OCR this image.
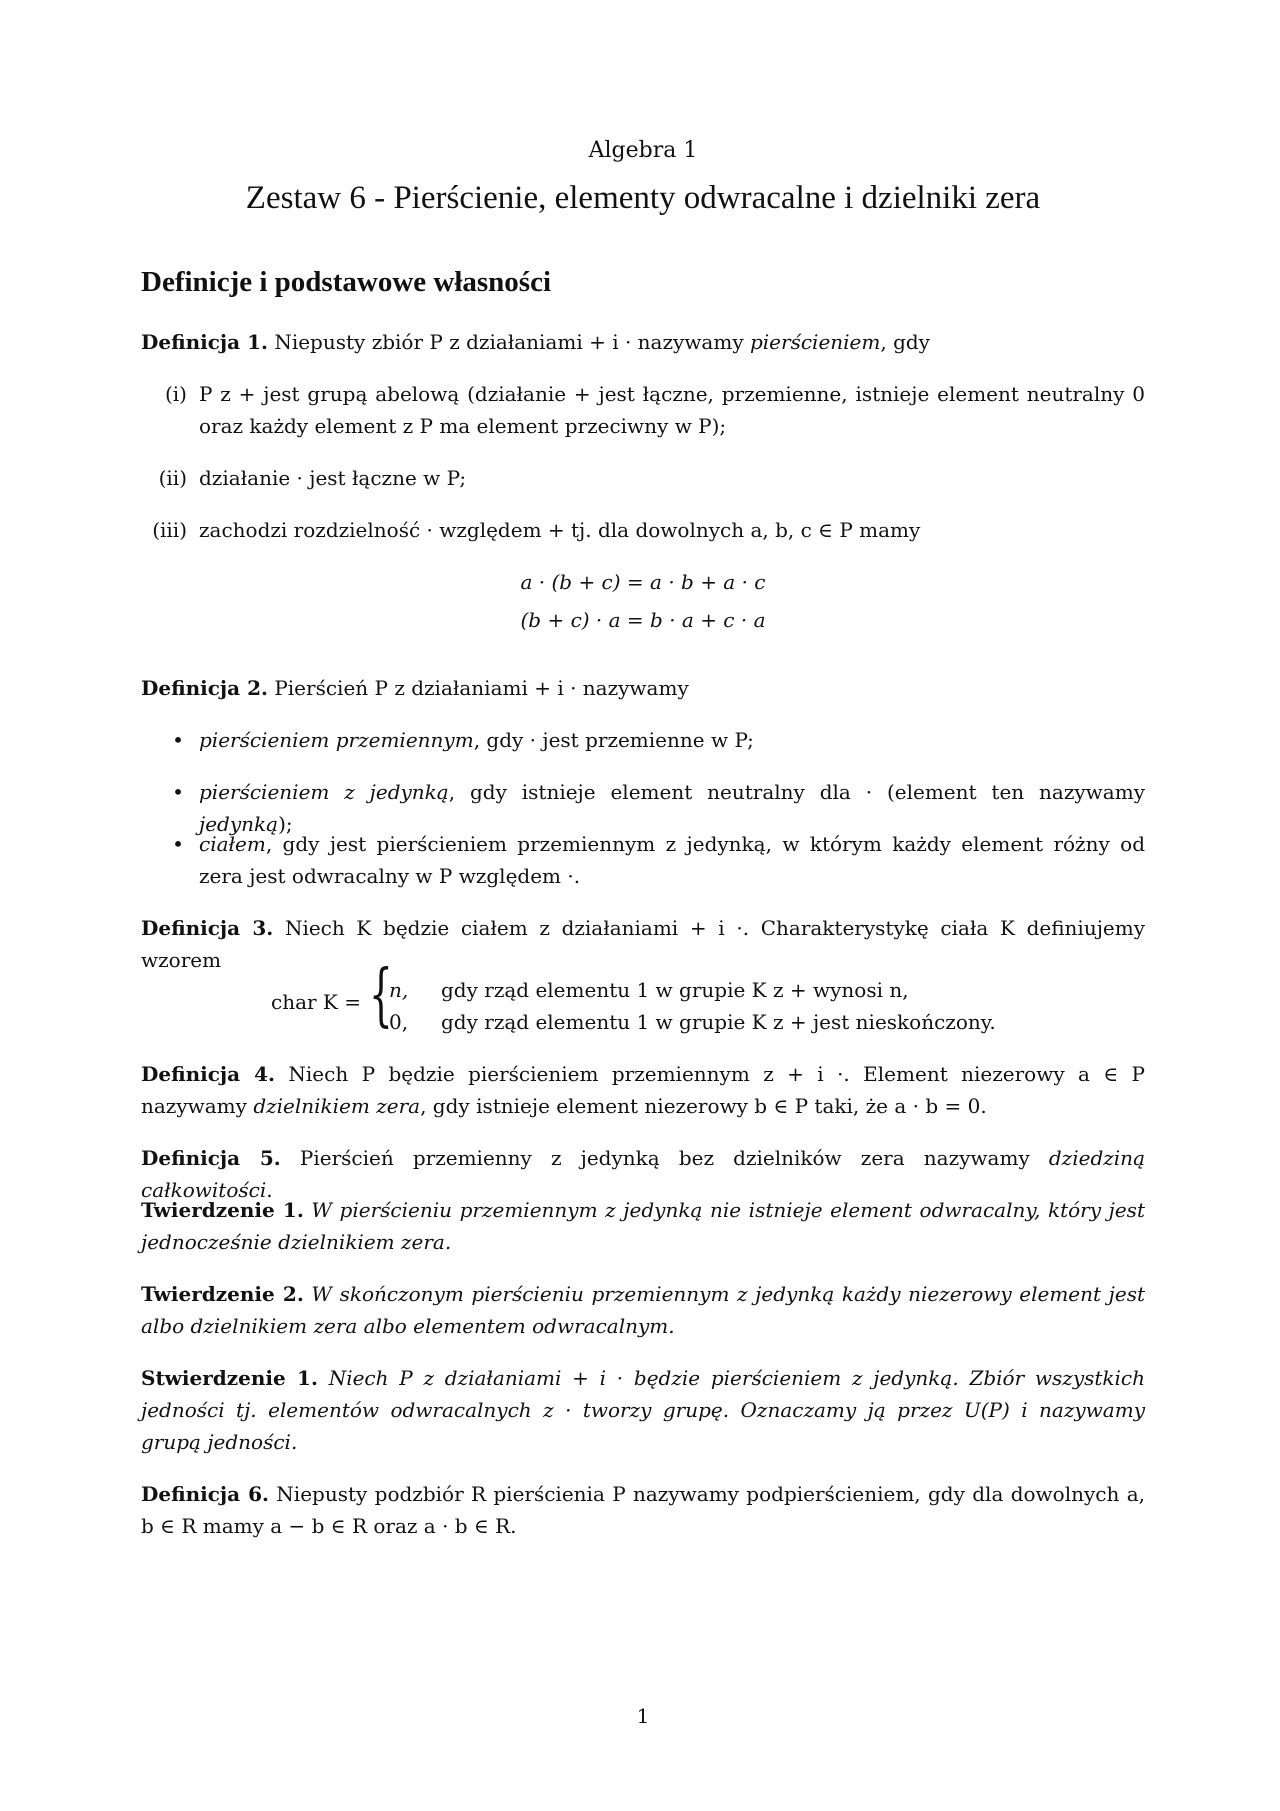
Algebra 1
Zestaw 6 - Pierścienie, elementy odwracalne i dzielniki zera
Definicje i podstawowe własności
Definicja 1. Niepusty zbiór P z działaniami + i · nazywamy pierścieniem, gdy
(i) P z + jest grupą abelową (działanie + jest łączne, przemienne, istnieje element neutralny 0 oraz każdy element z P ma element przeciwny w P);
(ii) działanie · jest łączne w P;
(iii) zachodzi rozdzielność · względem + tj. dla dowolnych a, b, c ∈ P mamy
a · (b + c) = a · b + a · c
(b + c) · a = b · a + c · a
Definicja 2. Pierścień P z działaniami + i · nazywamy
• pierścieniem przemiennym, gdy · jest przemienne w P;
• pierścieniem z jedynką, gdy istnieje element neutralny dla · (element ten nazywamy jedynką);
• ciałem, gdy jest pierścieniem przemiennym z jedynką, w którym każdy element różny od zera jest odwracalny w P względem ·.
Definicja 3. Niech K będzie ciałem z działaniami + i ·. Charakterystykę ciała K definiujemy wzorem
char K = {
n, gdy rząd elementu 1 w grupie K z + wynosi n,
0, gdy rząd elementu 1 w grupie K z + jest nieskończony.
Definicja 4. Niech P będzie pierścieniem przemiennym z + i ·. Element niezerowy a ∈ P nazywamy dzielnikiem zera, gdy istnieje element niezerowy b ∈ P taki, że a · b = 0.
Definicja 5. Pierścień przemienny z jedynką bez dzielników zera nazywamy dziedziną całkowitości.
Twierdzenie 1. W pierścieniu przemiennym z jedynką nie istnieje element odwracalny, który jest jednocześnie dzielnikiem zera.
Twierdzenie 2. W skończonym pierścieniu przemiennym z jedynką każdy niezerowy element jest albo dzielnikiem zera albo elementem odwracalnym.
Stwierdzenie 1. Niech P z działaniami + i · będzie pierścieniem z jedynką. Zbiór wszystkich jedności tj. elementów odwracalnych z · tworzy grupę. Oznaczamy ją przez U(P) i nazywamy grupą jedności.
Definicja 6. Niepusty podzbiór R pierścienia P nazywamy podpierścieniem, gdy dla dowolnych a, b ∈ R mamy a − b ∈ R oraz a · b ∈ R.
1
